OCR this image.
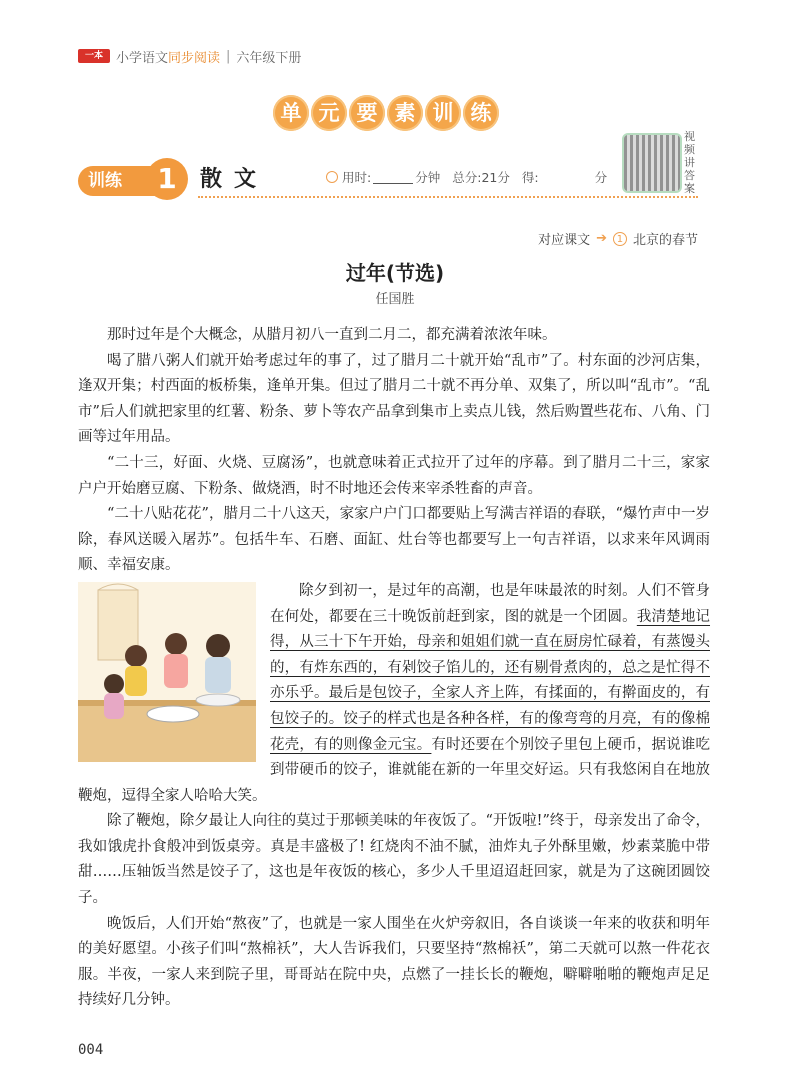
一本	小学语文 同步阅读 | 六年级下册
单 元 要 素 训 练
训练	1	散文	用时:	分钟 总分:21分 得:	分
视频讲答案
对应课文 ➔ 1 北京的春节
过年(节选)
任国胜

那时过年是个大概念，从腊月初八一直到二月二，都充满着浓浓年味。

喝了腊八粥人们就开始考虑过年的事了，过了腊月二十就开始“乱市”了。村东面的沙河店集，逢双开集；村西面的板桥集，逢单开集。但过了腊月二十就不再分单、双集了，所以叫“乱市”。“乱市”后人们就把家里的红薯、粉条、萝卜等农产品拿到集市上卖点儿钱，然后购置些花布、八角、门画等过年用品。

“二十三，好面、火烧、豆腐汤”，也就意味着正式拉开了过年的序幕。到了腊月二十三，家家户户开始磨豆腐、下粉条、做烧酒，时不时地还会传来宰杀牲畜的声音。

“二十八贴花花”，腊月二十八这天，家家户户门口都要贴上写满吉祥语的春联，“爆竹声中一岁除，春风送暖入屠苏”。包括牛车、石磨、面缸、灶台等也都要写上一句吉祥语，以求来年风调雨顺、幸福安康。

除夕到初一，是过年的高潮，也是年味最浓的时刻。人们不管身在何处，都要在三十晚饭前赶到家，图的就是一个团圆。我清楚地记得，从三十下午开始，母亲和姐姐们就一直在厨房忙碌着，有蒸馒头的，有炸东西的，有剁饺子馅儿的，还有剔骨煮肉的，总之是忙得不亦乐乎。最后是包饺子，全家人齐上阵，有揉面的，有擀面皮的，有包饺子的。饺子的样式也是各种各样，有的像弯弯的月亮，有的像棉花壳，有的则像金元宝。有时还要在个别饺子里包上硬币，据说谁吃到带硬币的饺子，谁就能在新的一年里交好运。只有我悠闲自在地放鞭炮，逗得全家人哈哈大笑。

除了鞭炮，除夕最让人向往的莫过于那顿美味的年夜饭了。“开饭啦!”终于，母亲发出了命令，我如饿虎扑食般冲到饭桌旁。真是丰盛极了! 红烧肉不油不腻，油炸丸子外酥里嫩，炒素菜脆中带甜……压轴饭当然是饺子了，这也是年夜饭的核心，多少人千里迢迢赶回家，就是为了这碗团圆饺子。

晚饭后，人们开始“熬夜”了，也就是一家人围坐在火炉旁叙旧，各自谈谈一年来的收获和明年的美好愿望。小孩子们叫“熬棉袄”，大人告诉我们，只要坚持“熬棉袄”，第二天就可以熬一件花衣服。半夜，一家人来到院子里，哥哥站在院中央，点燃了一挂长长的鞭炮，噼噼啪啪的鞭炮声足足持续好几分钟。

004
